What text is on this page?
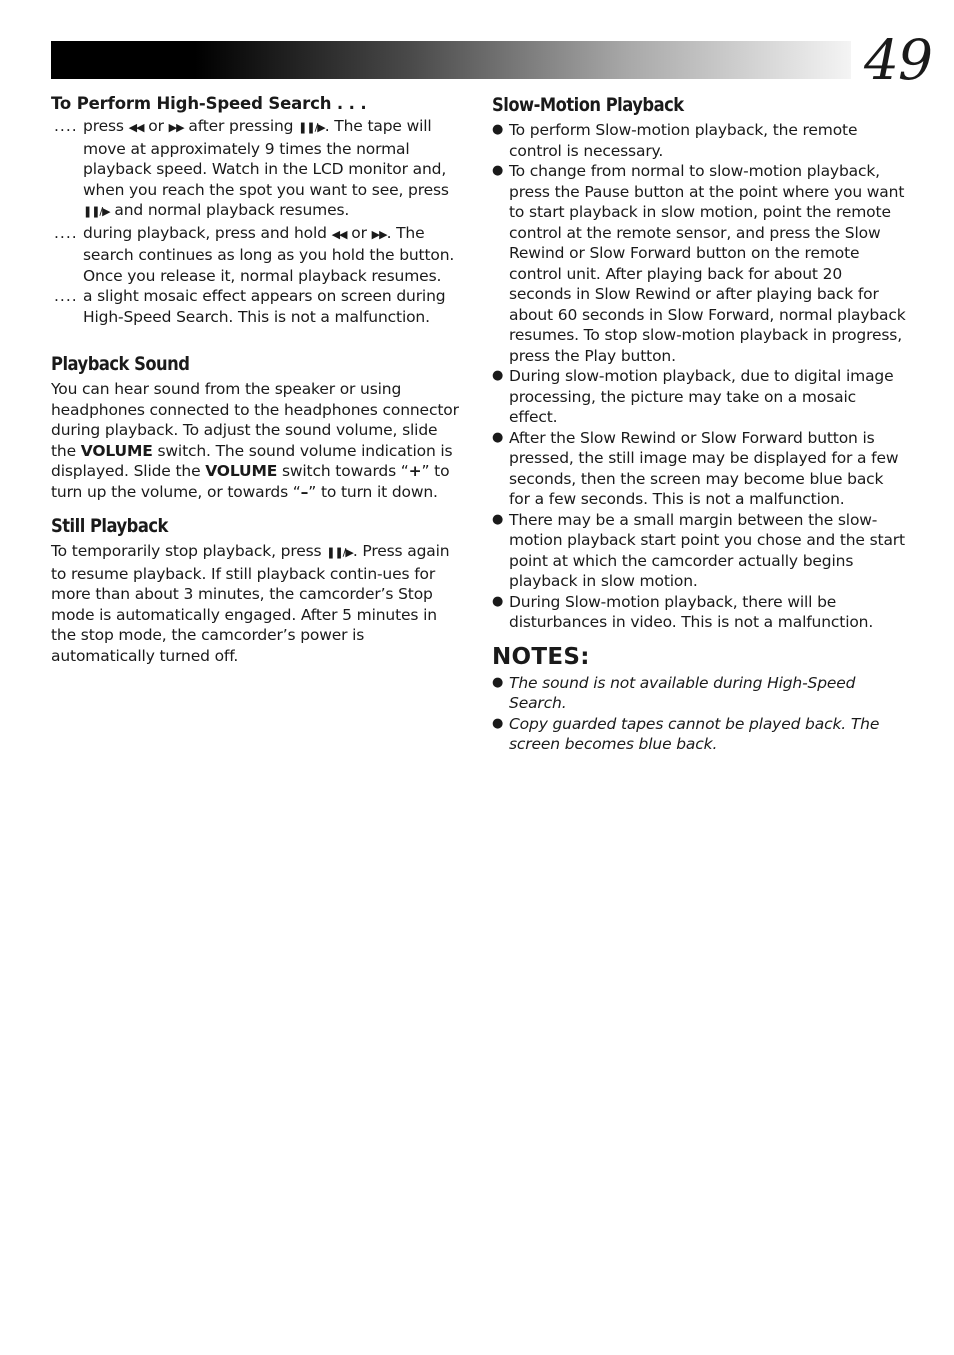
49
To Perform High-Speed Search . . .
.... press ◀◀ or ▶▶ after pressing ❚❚/▶. The tape will move at approximately 9 times the normal playback speed. Watch in the LCD monitor and, when you reach the spot you want to see, press ❚❚/▶ and normal playback resumes.
.... during playback, press and hold ◀◀ or ▶▶. The search continues as long as you hold the button. Once you release it, normal playback resumes.
.... a slight mosaic effect appears on screen during High-Speed Search. This is not a malfunction.
Playback Sound

You can hear sound from the speaker or using headphones connected to the headphones connector during playback. To adjust the sound volume, slide the VOLUME switch. The sound volume indication is displayed. Slide the VOLUME switch towards “+” to turn up the volume, or towards “–” to turn it down.

Still Playback

To temporarily stop playback, press ❚❚/▶. Press again to resume playback. If still playback contin-ues for more than about 3 minutes, the camcorder’s Stop mode is automatically engaged. After 5 minutes in the stop mode, the camcorder’s power is automatically turned off.

Slow-Motion Playback
● To perform Slow-motion playback, the remote control is necessary.
● To change from normal to slow-motion playback, press the Pause button at the point where you want to start playback in slow motion, point the remote control at the remote sensor, and press the Slow Rewind or Slow Forward button on the remote control unit. After playing back for about 20 seconds in Slow Rewind or after playing back for about 60 seconds in Slow Forward, normal playback resumes. To stop slow-motion playback in progress, press the Play button.
● During slow-motion playback, due to digital image processing, the picture may take on a mosaic effect.
● After the Slow Rewind or Slow Forward button is pressed, the still image may be displayed for a few seconds, then the screen may become blue back for a few seconds. This is not a malfunction.
● There may be a small margin between the slow-motion playback start point you chose and the start point at which the camcorder actually begins playback in slow motion.
● During Slow-motion playback, there will be disturbances in video. This is not a malfunction.
NOTES:
● The sound is not available during High-Speed Search.
● Copy guarded tapes cannot be played back. The screen becomes blue back.
